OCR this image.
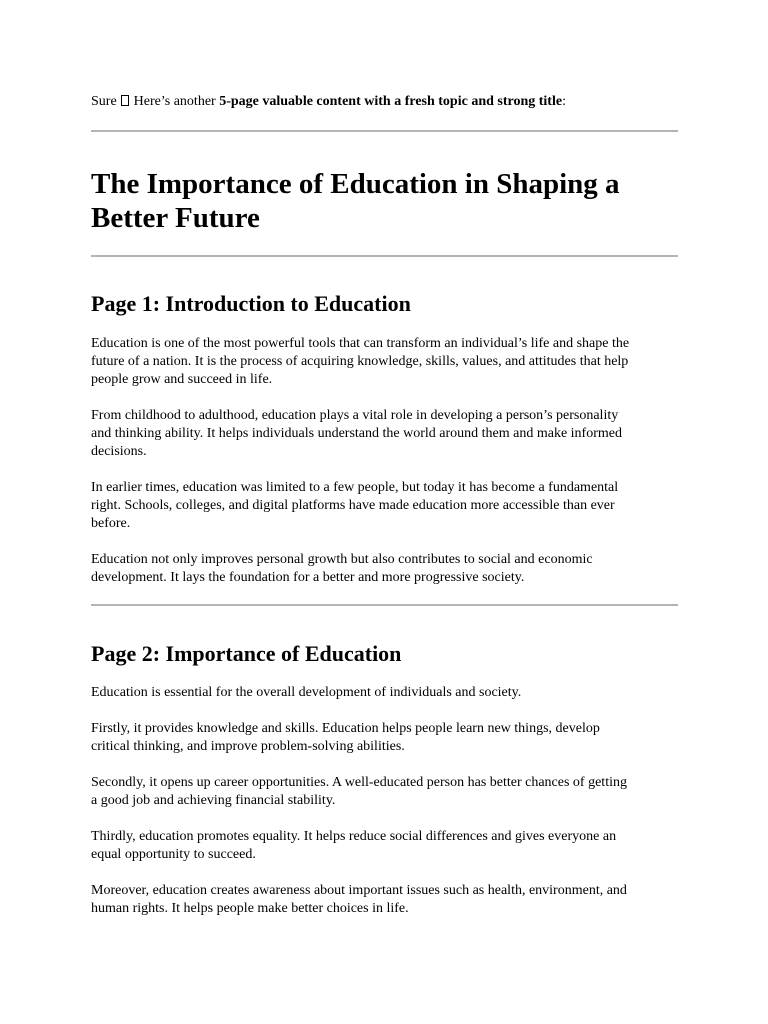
Sure Here’s another 5-page valuable content with a fresh topic and strong title:
The Importance of Education in Shaping a
Better Future
Page 1: Introduction to Education

Education is one of the most powerful tools that can transform an individual’s life and shape the
future of a nation. It is the process of acquiring knowledge, skills, values, and attitudes that help
people grow and succeed in life.

From childhood to adulthood, education plays a vital role in developing a person’s personality
and thinking ability. It helps individuals understand the world around them and make informed
decisions.

In earlier times, education was limited to a few people, but today it has become a fundamental
right. Schools, colleges, and digital platforms have made education more accessible than ever
before.

Education not only improves personal growth but also contributes to social and economic
development. It lays the foundation for a better and more progressive society.

Page 2: Importance of Education

Education is essential for the overall development of individuals and society.

Firstly, it provides knowledge and skills. Education helps people learn new things, develop
critical thinking, and improve problem-solving abilities.

Secondly, it opens up career opportunities. A well-educated person has better chances of getting
a good job and achieving financial stability.

Thirdly, education promotes equality. It helps reduce social differences and gives everyone an
equal opportunity to succeed.

Moreover, education creates awareness about important issues such as health, environment, and
human rights. It helps people make better choices in life.
